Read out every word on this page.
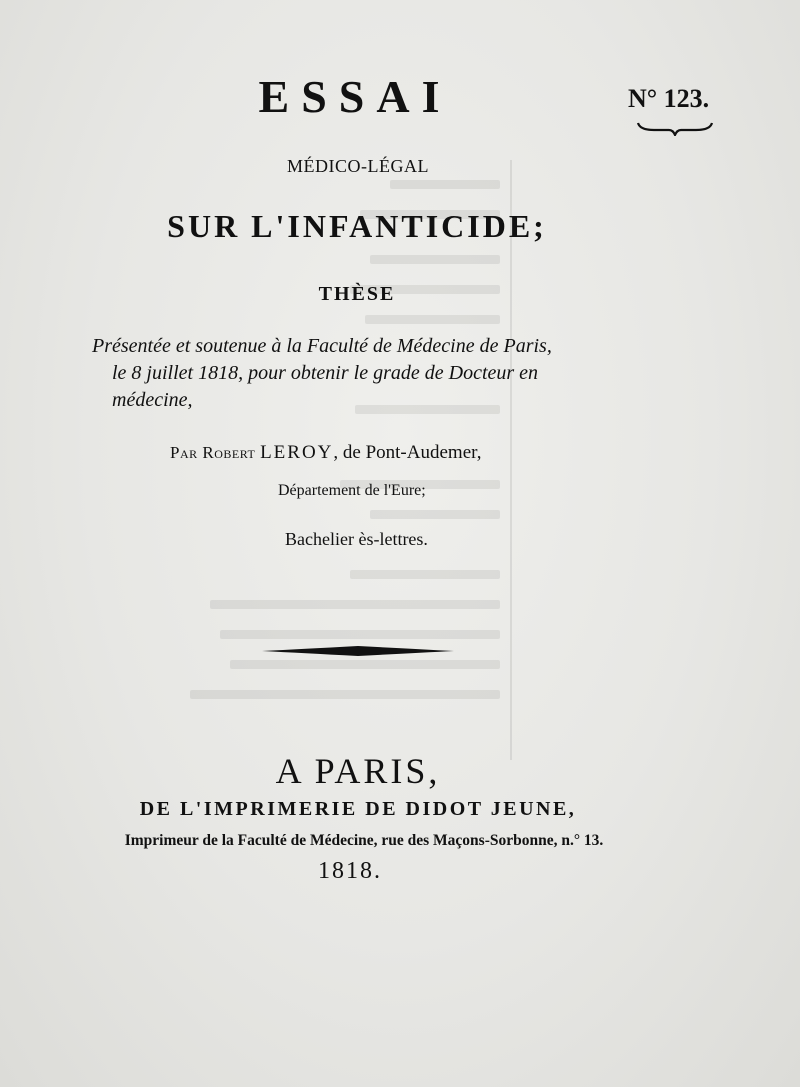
ESSAI	N° 123.
MÉDICO-LÉGAL
SUR L'INFANTICIDE;
THÈSE
Présentée et soutenue à la Faculté de Médecine de Paris,
le 8 juillet 1818, pour obtenir le grade de Docteur en
médecine,
Par Robert LEROY, de Pont-Audemer,
Département de l'Eure;
Bachelier ès-lettres.
A PARIS,
DE L'IMPRIMERIE DE DIDOT JEUNE,
Imprimeur de la Faculté de Médecine, rue des Maçons-Sorbonne, n.° 13.
1818.
